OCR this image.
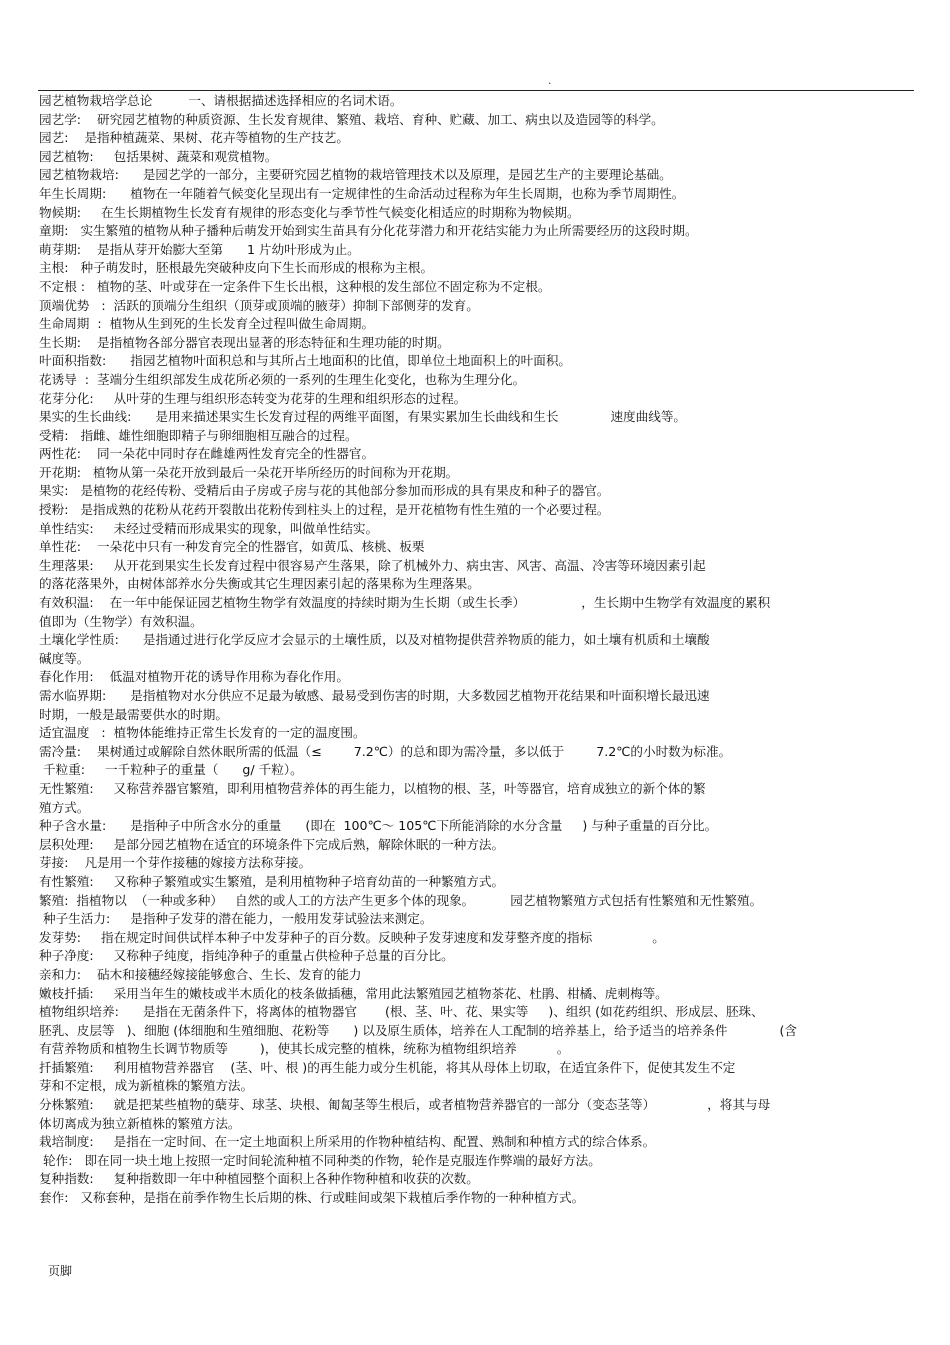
.
园艺植物栽培学总论         一、请根据描述选择相应的名词术语。
园艺学:    研究园艺植物的种质资源、生长发育规律、繁殖、栽培、育种、贮藏、加工、病虫以及造园等的科学。
园艺:    是指种植蔬菜、果树、花卉等植物的生产技艺。
园艺植物:     包括果树、蔬菜和观赏植物。
园艺植物栽培:      是园艺学的一部分，主要研究园艺植物的栽培管理技术以及原理，是园艺生产的主要理论基础。
年生长周期:      植物在一年随着气候变化呈现出有一定规律性的生命活动过程称为年生长周期，也称为季节周期性。
物候期:     在生长期植物生长发育有规律的形态变化与季节性气候变化相适应的时期称为物候期。
童期:   实生繁殖的植物从种子播种后萌发开始到实生苗具有分化花芽潜力和开花结实能力为止所需要经历的这段时期。
萌芽期:    是指从芽开始膨大至第      1 片幼叶形成为止。
主根:   种子萌发时，胚根最先突破种皮向下生长而形成的根称为主根。
不定根 :   植物的茎、叶或芽在一定条件下生长出根，这种根的发生部位不固定称为不定根。
顶端优势   :  活跃的顶端分生组织（顶芽或顶端的腋芽）抑制下部侧芽的发育。
生命周期  :  植物从生到死的生长发育全过程叫做生命周期。
生长期:    是指植物各部分器官表现出显著的形态特征和生理功能的时期。
叶面积指数:      指园艺植物叶面积总和与其所占土地面积的比值，即单位土地面积上的叶面积。
花诱导  :  茎端分生组织部发生成花所必须的一系列的生理生化变化，也称为生理分化。
花芽分化:     从叶芽的生理与组织形态转变为花芽的生理和组织形态的过程。
果实的生长曲线:      是用来描述果实生长发育过程的两维平面图，有果实累加生长曲线和生长             速度曲线等。
受精:   指雌、雄性细胞即精子与卵细胞相互融合的过程。
两性花:    同一朵花中同时存在雌雄两性发育完全的性器官。
开花期:   植物从第一朵花开放到最后一朵花开毕所经历的时间称为开花期。
果实:   是植物的花经传粉、受精后由子房或子房与花的其他部分参加而形成的具有果皮和种子的器官。
授粉:   是指成熟的花粉从花药开裂散出花粉传到柱头上的过程，是开花植物有性生殖的一个必要过程。
单性结实:     未经过受精而形成果实的现象，叫做单性结实。
单性花:    一朵花中只有一种发育完全的性器官，如黄瓜、核桃、板栗
生理落果:     从开花到果实生长发育过程中很容易产生落果，除了机械外力、病虫害、风害、高温、冷害等环境因素引起
的落花落果外，由树体部养水分失衡或其它生理因素引起的落果称为生理落果。
有效积温:    在一年中能保证园艺植物生物学有效温度的持续时期为生长期（或生长季）              ，生长期中生物学有效温度的累积
值即为（生物学）有效积温。
土壤化学性质:      是指通过进行化学反应才会显示的土壤性质，以及对植物提供营养物质的能力，如土壤有机质和土壤酸
碱度等。
春化作用:    低温对植物开花的诱导作用称为春化作用。
需水临界期:      是指植物对水分供应不足最为敏感、最易受到伤害的时期，大多数园艺植物开花结果和叶面积增长最迅速
时期，一般是最需要供水的时期。
适宜温度   :  植物体能维持正常生长发育的一定的温度围。
需冷量:    果树通过或解除自然休眠所需的低温（≤        7.2℃）的总和即为需冷量，多以低于        7.2℃的小时数为标准。
千粒重:     一千粒种子的重量（      g/ 千粒）。
无性繁殖:     又称营养器官繁殖，即利用植物营养体的再生能力，以植物的根、茎，叶等器官，培育成独立的新个体的繁
殖方式。
种子含水量:      是指种子中所含水分的重量      (即在  100℃～ 105℃下所能消除的水分含量     ) 与种子重量的百分比。
层积处理:     是部分园艺植物在适宜的环境条件下完成后熟，解除休眠的一种方法。
芽接:    凡是用一个芽作接穗的嫁接方法称芽接。
有性繁殖:     又称种子繁殖或实生繁殖，是利用植物种子培育幼苗的一种繁殖方式。
繁殖:  指植物以  （一种或多种）   自然的或人工的方法产生更多个体的现象。         园艺植物繁殖方式包括有性繁殖和无性繁殖。
种子生活力:     是指种子发芽的潜在能力，一般用发芽试验法来测定。
发芽势:     指在规定时间供试样本种子中发芽种子的百分数。反映种子发芽速度和发芽整齐度的指标               。
种子净度:     又称种子纯度，指纯净种子的重量占供检种子总量的百分比。
亲和力:    砧木和接穗经嫁接能够愈合、生长、发育的能力
嫩枝扦插:     采用当年生的嫩枝或半木质化的枝条做插穗，常用此法繁殖园艺植物茶花、杜鹃、柑橘、虎刺梅等。
植物组织培养:      是指在无菌条件下，将离体的植物器官       (根、茎、叶、花、果实等     )、组织 (如花药组织、形成层、胚珠、
胚乳、皮层等   )、细胞 (体细胞和生殖细胞、花粉等      ) 以及原生质体，培养在人工配制的培养基上，给予适当的培养条件             (含
有营养物质和植物生长调节物质等        )，使其长成完整的植株，统称为植物组织培养          。
扦插繁殖:     利用植物营养器官    (茎、叶、根 )的再生能力或分生机能，将其从母体上切取，在适宜条件下，促使其发生不定
芽和不定根，成为新植株的繁殖方法。
分株繁殖:     就是把某些植物的蘖芽、球茎、块根、匍匐茎等生根后，或者植物营养器官的一部分（变态茎等）             ，将其与母
体切离成为独立新植株的繁殖方法。
栽培制度:     是指在一定时间、在一定土地面积上所采用的作物种植结构、配置、熟制和种植方式的综合体系。
轮作:   即在同一块土地上按照一定时间轮流种植不同种类的作物，轮作是克服连作弊端的最好方法。
复种指数:     复种指数即一年中种植园整个面积上各种作物种植和收获的次数。
套作:   又称套种，是指在前季作物生长后期的株、行或畦间或架下栽植后季作物的一种种植方式。
页脚
